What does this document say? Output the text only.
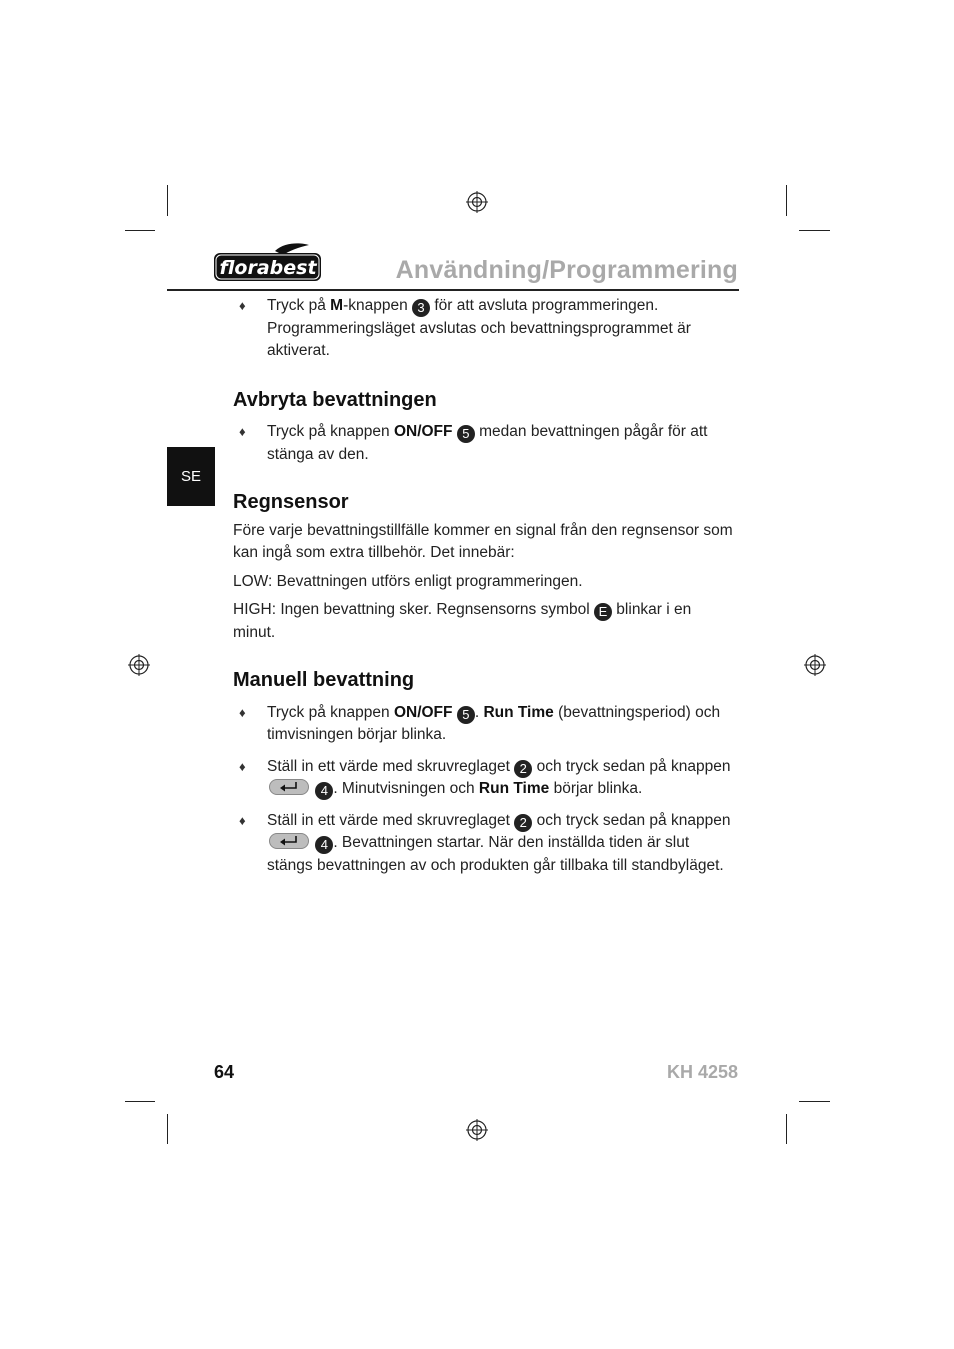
florabest	Användning/Programmering
SE

♦ Tryck på M-knappen 3 för att avsluta programmeringen. Programmeringsläget avslutas och bevattningsprogrammet är aktiverat.

Avbryta bevattningen

♦ Tryck på knappen ON/OFF 5 medan bevattningen pågår för att stänga av den.

Regnsensor

Före varje bevattningstillfälle kommer en signal från den regnsensor som kan ingå som extra tillbehör. Det innebär:

LOW: Bevattningen utförs enligt programmeringen.

HIGH: Ingen bevattning sker. Regnsensorns symbol E blinkar i en minut.

Manuell bevattning

♦ Tryck på knappen ON/OFF 5 . Run Time (bevattningsperiod) och timvisningen börjar blinka.

♦ Ställ in ett värde med skruvreglaget 2 och tryck sedan på knappen
4 . Minutvisningen och Run Time börjar blinka.

♦ Ställ in ett värde med skruvreglaget 2 och tryck sedan på knappen
4 . Bevattningen startar. När den inställda tiden är slut stängs bevattningen av och produkten går tillbaka till standbyläget.

64	KH 4258
